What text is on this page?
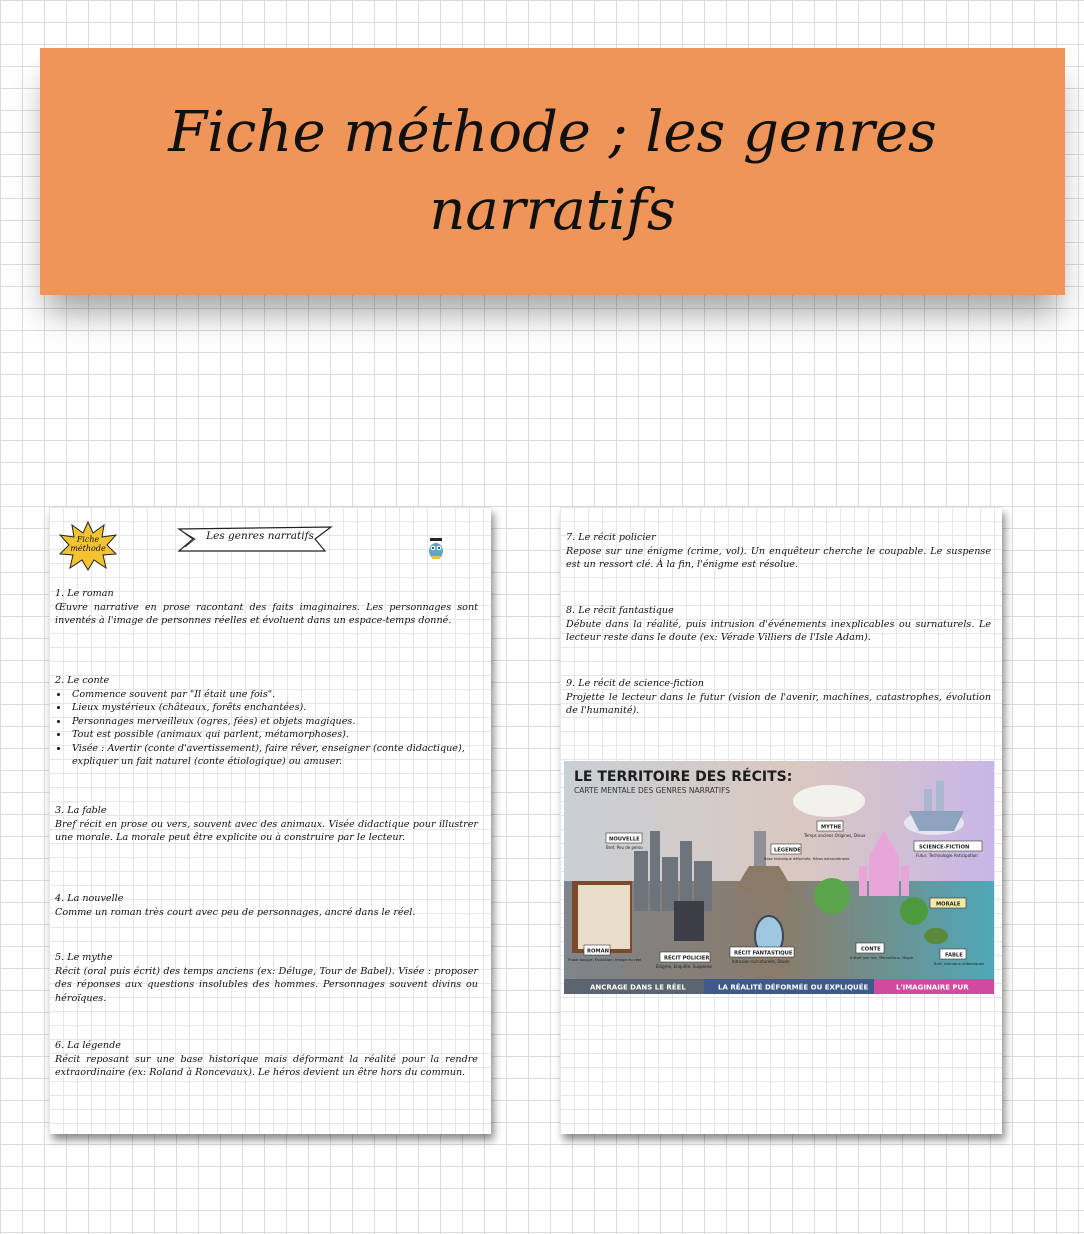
Fiche méthode ; les genres narratifs
Fiche méthode
Les genres narratifs
1. Le roman

Œuvre narrative en prose racontant des faits imaginaires. Les personnages sont inventés à l'image de personnes réelles et évoluent dans un espace-temps donné.

2. Le conte
• Commence souvent par "Il était une fois".
• Lieux mystérieux (châteaux, forêts enchantées).
• Personnages merveilleux (ogres, fées) et objets magiques.
• Tout est possible (animaux qui parlent, métamorphoses).
• Visée : Avertir (conte d'avertissement), faire rêver, enseigner (conte didactique), expliquer un fait naturel (conte étiologique) ou amuser.
3. La fable

Bref récit en prose ou vers, souvent avec des animaux. Visée didactique pour illustrer une morale. La morale peut être explicite ou à construire par le lecteur.

4. La nouvelle

Comme un roman très court avec peu de personnages, ancré dans le réel.

5. Le mythe

Récit (oral puis écrit) des temps anciens (ex: Déluge, Tour de Babel). Visée : proposer des réponses aux questions insolubles des hommes. Personnages souvent divins ou héroïques.

6. La légende

Récit reposant sur une base historique mais déformant la réalité pour la rendre extraordinaire (ex: Roland à Roncevaux). Le héros devient un être hors du commun.

7. Le récit policier

Repose sur une énigme (crime, vol). Un enquêteur cherche le coupable. Le suspense est un ressort clé. À la fin, l'énigme est résolue.

8. Le récit fantastique

Débute dans la réalité, puis intrusion d'événements inexplicables ou surnaturels. Le lecteur reste dans le doute (ex: Vérade Villiers de l'Isle Adam).

9. Le récit de science-fiction

Projette le lecteur dans le futur (vision de l'avenir, machines, catastrophes, évolution de l'humanité).

NOUVELLE
Bref, Peu de perso
MYTHE
Temps anciens Origines, Dieux
LÉGENDE
Base historique déformée, Héros extraordinaire
SCIENCE-FICTION
Futur, Technologie Anticipation
MORALE
ROMAN
Prose longue, Évolution, Image du réel	RÉCIT POLICIER
Énigme, Enquête, Suspense
RÉCIT FANTASTIQUE
Intrusion surnaturelle, Doute
CONTE
Il était une fois, Merveilleux, Magie	FABLE
Bref, Animaux didactiques
LE TERRITOIRE DES RÉCITS:
CARTE MENTALE DES GENRES NARRATIFS
ANCRAGE DANS LE RÉEL	LA RÉALITÉ DÉFORMÉE OU EXPLIQUÉE	L'IMAGINAIRE PUR
